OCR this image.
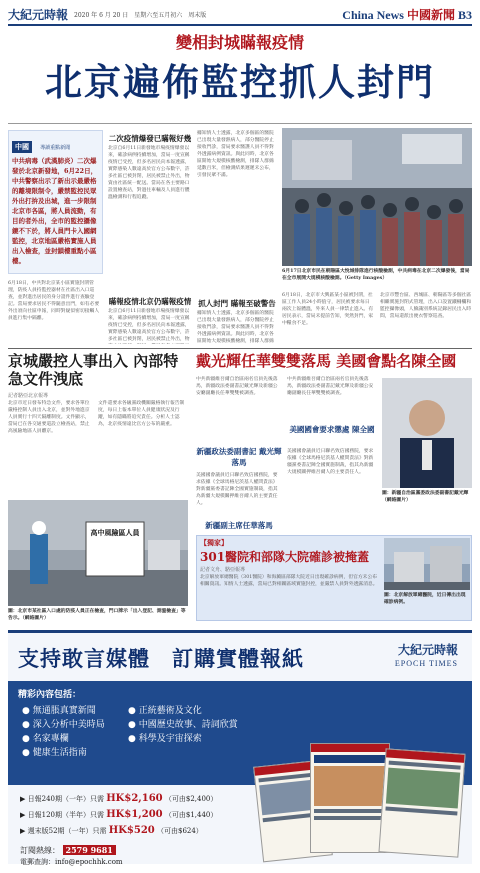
大紀元時報 2020 年 6 月 20 日　星期六至五月初六　周末版	China News 中國新聞 B3
變相封城瞞報疫情
北京遍佈監控抓人封門
中國 導讀重點新聞
中共病毒（武漢肺炎）二次爆發於北京新發地，6月22日，中共警察出示了新出示最嚴格的離境限制令，嚴禁監控民眾外出打拚及出城，進一步限制北京市各區，將人員流動，有目的者外出，全市的監控攝像鏡不下於，將人員門卡入國網監控，北京地區嚴格實施人員出入檢查，並封鎖樓重點小區樓。
6月18日，中共對北京某小區實施封閉管理，防疫人員持監控器材在社區出入口巡查，並對進出居民的身分證件進行查驗登記。當局要求居民不得隨意出門，如有必要外出須向社區申報，同時對疑似密切接觸人員進行集中隔離。
二次疫情爆發已瞞報好幾
北京自6月11日新發地市場疫情爆發以來，確診病例持續增加，當局一度宣稱疫情已受控，但多名居民向本報透露，實際感染人數遠高於官方公布數字，許多社區已被封閉，居民被禁止外出，物資由社區統一配送。當局在各主要路口設置檢查站，對過往車輛及人員進行體溫檢測和行程追蹤。
瞞報疫情北京仍瞞報疫情
北京自6月11日新發地市場疫情爆發以來，確診病例持續增加，當局一度宣稱疫情已受控，但多名居民向本報透露，實際感染人數遠高於官方公布數字，許多社區已被封閉，居民被禁止外出，物
據知情人士透露，北京多個區的醫院已出現大量發熱病人，部分醫院停止接收門診，當局要求醫護人員不得對外透露病例資訊。與此同時，北京各區開始大規模核酸檢測，排隊人群綿延數百米，但檢測結果遲遲未公布，引發民眾不滿。
抓人封門 瞞報至破警告
據知情人士透露，北京多個區的醫院已出現大量發熱病人，部分醫院停止接收門診，當局要求醫護人員不得對外透露病例資訊。與此同時，北京各區開始大規模核酸檢測，排隊人群綿
6月17日北京市民在朝陽區大悅城排隊進行核酸檢測，中共病毒在北京二次爆發後，當局在全市展開大規模核酸檢測。（Getty Images）
6月18日，北京市大興區某小區被封閉，社區工作人員24小時值守，居民被要求每日兩次上報體溫，外來人員一律禁止進入。有居民表示，當局未提前告知，突然封門，家中糧食不足。
北京市豐台區、西城區、朝陽區等多個社區相繼實施封閉式管理，出入口設置鐵柵欄和監控攝像頭，人臉識別系統記錄居民出入時間，當局還派出便衣警察巡查。
京城嚴控人事出入 內部特急文件洩底
記者駱亞北京報導
北京市近日發布特急文件，要求各單位嚴格控制人員出入北京，並對外地進京人員實行十四天隔離制度。文件顯示，當局已在各交通要道設立檢查站，禁止高風險地區人員離京。
文件還要求各級黨政機關嚴格執行報告制度，每日上報本單位人員健康狀況及行蹤，如有隱瞞將追究責任。分析人士認為，北京疫情遠比官方公布的嚴重。
高中風險區人員
圖：北京市某社區入口處的防疫人員正在檢查，門口牌示「出入登記、測溫檢查」等告示。（網絡圖片）
戴光輝任華雙雙落馬 美國會點名陳全國
中共新疆維吾爾自治區兩名官員先後落馬，新疆政法委副書記戴光輝及新疆公安廳副廳長任華雙雙被調查。
新疆政法委副書記 戴光輝落馬
美國國會議員近日聯名致信國務院，要求依據《全球馬格尼茨基人權問責法》對新疆黨委書記陳全國實施制裁，指其為新疆大規模關押維吾爾人的主要責任人。
新疆副主席任華落馬
中共新疆維吾爾自治區兩名官員先後落馬，新疆政法委副書記戴光輝及新疆公安廳副廳長任華雙雙被調查。
美國國會要求懲處 陳全國
美國國會議員近日聯名致信國務院，要求依據《全球馬格尼茨基人權問責法》對新疆黨委書記陳全國實施制裁，指其為新疆大規模關押維吾爾人的主要責任人。
圖：新疆自治區黨委政法委副書記戴光輝（網絡圖片）
【獨家】
301醫院和部隊大院確診被掩蓋
記者文舟、駱亞報導
北京解放軍總醫院（301醫院）和海澱區部隊大院近日出現確診病例，但官方未公布相關資訊。知情人士透露，當局已對相關區域實施封控，並嚴禁人員對外透露消息。
圖：北京解放軍總醫院，近日傳出出現確診病例。
支持敢言媒體　訂購實體報紙	大紀元時報
EPOCH TIMES
精彩內容包括：
● 無通脹真實新聞
● 深入分析中美時局
● 名家專欄
● 健康生活指南
● 正統藝術及文化
● 中國歷史故事、詩詞欣賞
● 科學及宇宙探索
▶ 日報240期（一年）只需 HK$2,160 （可由$2,400）
▶ 日報120期（半年）只需 HK$1,200 （可由$1,440）
▶ 週末版52期（一年）只需 HK$520 （可由$624）
訂閱熱線： 2579 9681
電郵查詢：info@epochhk.com
